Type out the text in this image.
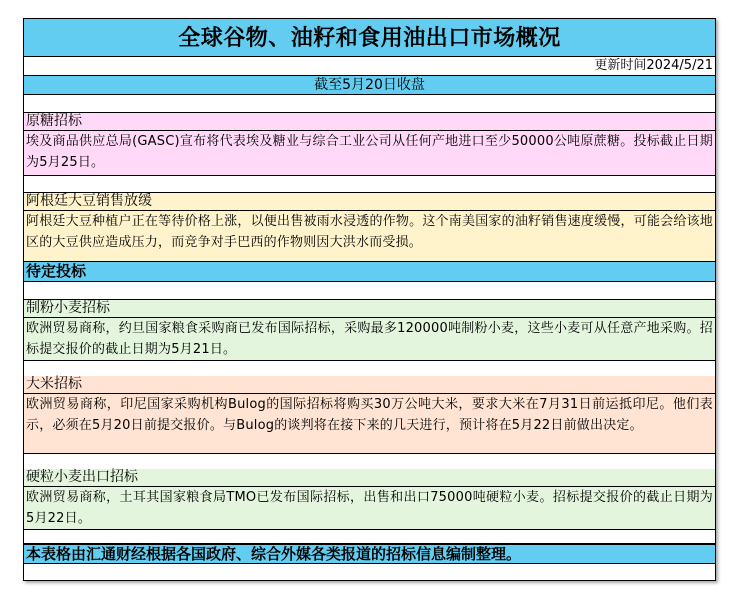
全球谷物、油籽和食用油出口市场概况
更新时间2024/5/21
截至5月20日收盘
原糖招标
埃及商品供应总局(GASC)宣布将代表埃及糖业与综合工业公司从任何产地进口至少50000公吨原蔗糖。投标截止日期为5月25日。
阿根廷大豆销售放缓
阿根廷大豆种植户正在等待价格上涨，以便出售被雨水浸透的作物。这个南美国家的油籽销售速度缓慢，可能会给该地区的大豆供应造成压力，而竞争对手巴西的作物则因大洪水而受损。
待定投标
制粉小麦招标
欧洲贸易商称，约旦国家粮食采购商已发布国际招标，采购最多120000吨制粉小麦，这些小麦可从任意产地采购。招标提交报价的截止日期为5月21日。
大米招标
欧洲贸易商称，印尼国家采购机构Bulog的国际招标将购买30万公吨大米，要求大米在7月31日前运抵印尼。他们表示，必须在5月20日前提交报价。与Bulog的谈判将在接下来的几天进行，预计将在5月22日前做出决定。
硬粒小麦出口招标
欧洲贸易商称，土耳其国家粮食局TMO已发布国际招标，出售和出口75000吨硬粒小麦。招标提交报价的截止日期为5月22日。
本表格由汇通财经根据各国政府、综合外媒各类报道的招标信息编制整理。
